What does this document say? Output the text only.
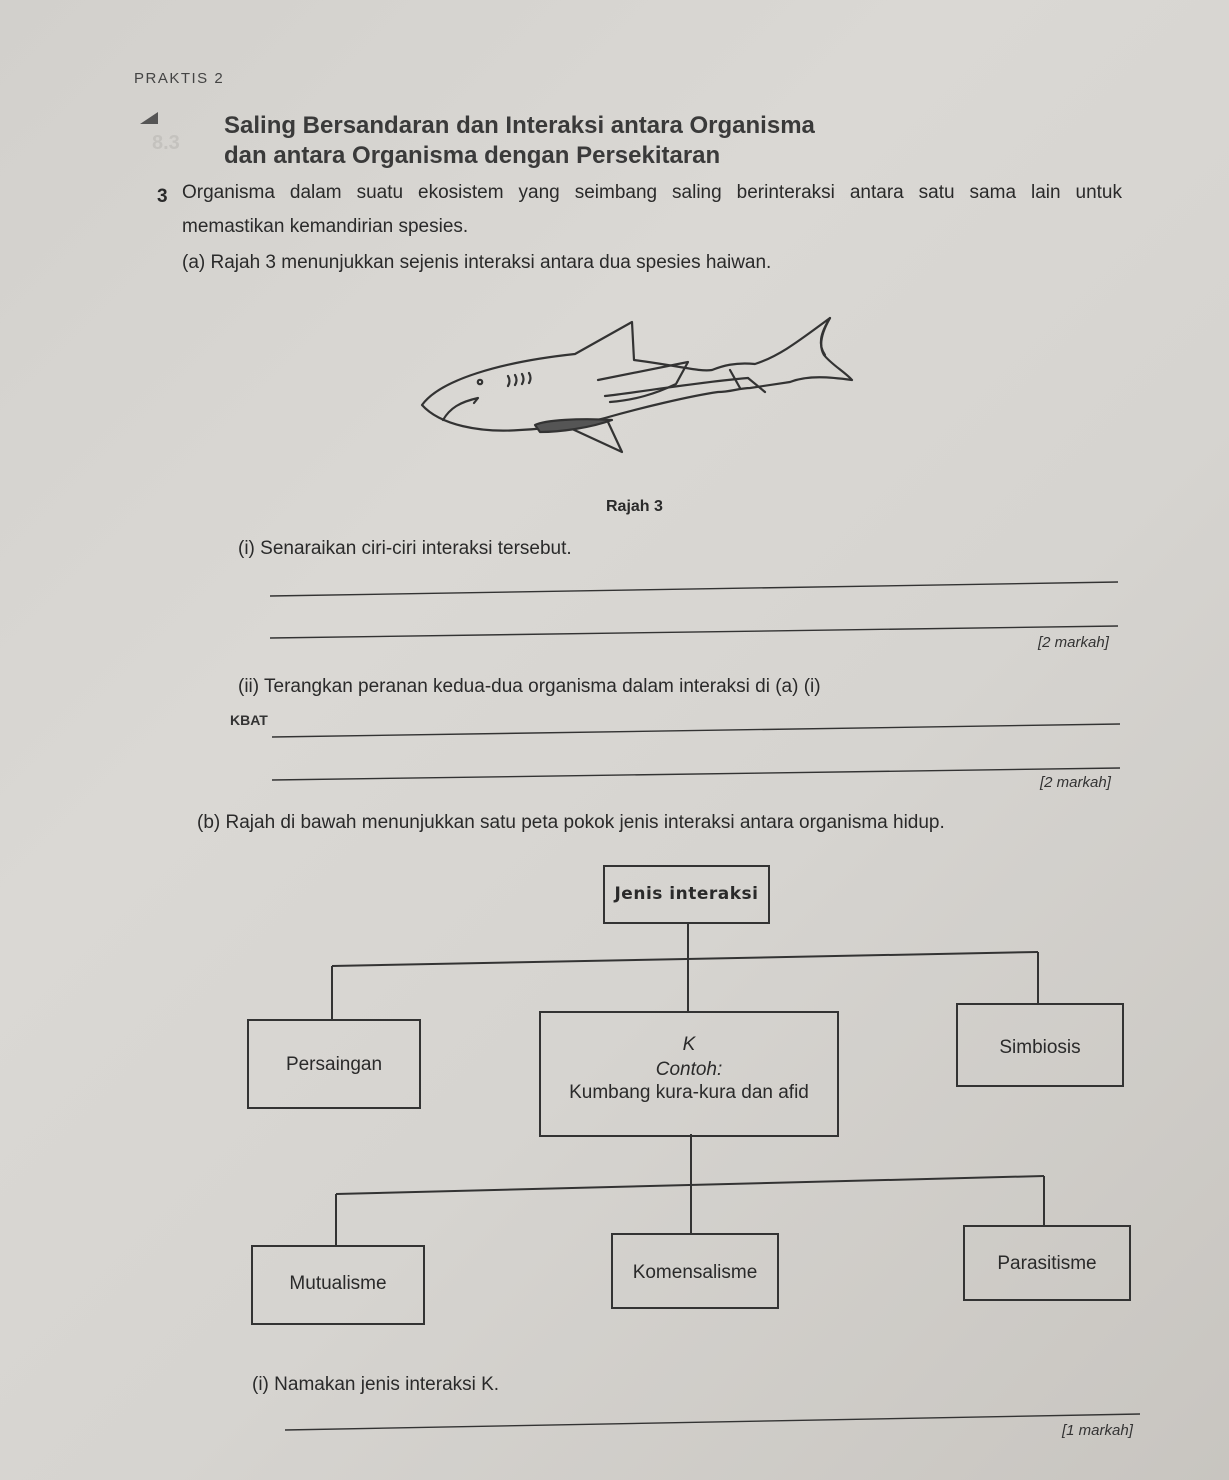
PRAKTIS 2
8.3
Saling Bersandaran dan Interaksi antara Organisma
dan antara Organisma dengan Persekitaran
3 Organisma dalam suatu ekosistem yang seimbang saling berinteraksi antara satu sama lain untuk
memastikan kemandirian spesies.
(a) Rajah 3 menunjukkan sejenis interaksi antara dua spesies haiwan.
Rajah 3
(i) Senaraikan ciri-ciri interaksi tersebut.
[2 markah]
(ii) Terangkan peranan kedua-dua organisma dalam interaksi di (a) (i)
KBAT
[2 markah]
(b) Rajah di bawah menunjukkan satu peta pokok jenis interaksi antara organisma hidup.
Jenis interaksi
Persaingan
K
Contoh:
Kumbang kura-kura dan afid
Simbiosis
Mutualisme
Komensalisme	Parasitisme
(i) Namakan jenis interaksi K.
[1 markah]
